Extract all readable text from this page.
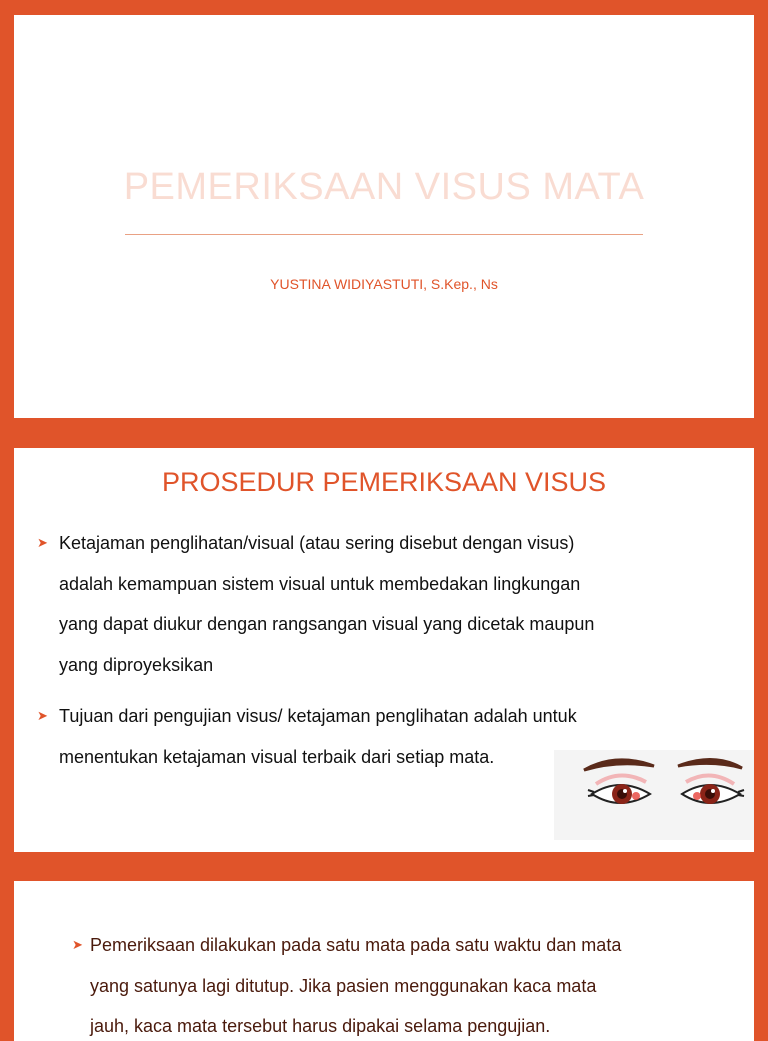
PEMERIKSAAN VISUS MATA
YUSTINA WIDIYASTUTI, S.Kep., Ns
PROSEDUR PEMERIKSAAN VISUS
➤ Ketajaman penglihatan/visual (atau sering disebut dengan visus)
adalah kemampuan sistem visual untuk membedakan lingkungan
yang dapat diukur dengan rangsangan visual yang dicetak maupun
yang diproyeksikan
➤ Tujuan dari pengujian visus/ ketajaman penglihatan adalah untuk
menentukan ketajaman visual terbaik dari setiap mata.
➤ Pemeriksaan dilakukan pada satu mata pada satu waktu dan mata
yang satunya lagi ditutup. Jika pasien menggunakan kaca mata
jauh, kaca mata tersebut harus dipakai selama pengujian.
